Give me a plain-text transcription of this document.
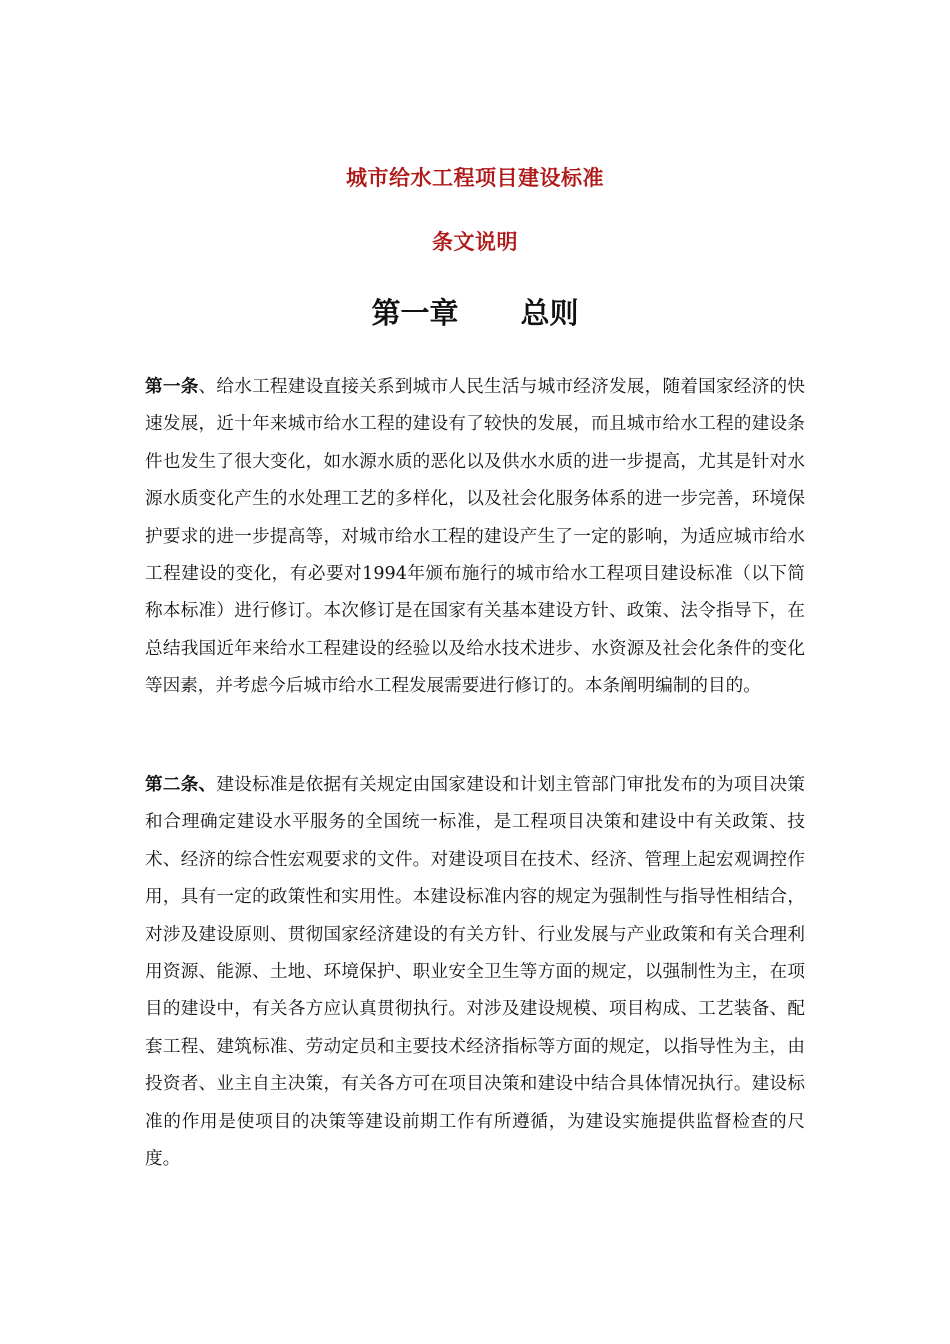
城市给水工程项目建设标准
条文说明
第一章 总则

第一条、给水工程建设直接关系到城市人民生活与城市经济发展，随着国家经济的快速发展，近十年来城市给水工程的建设有了较快的发展，而且城市给水工程的建设条件也发生了很大变化，如水源水质的恶化以及供水水质的进一步提高，尤其是针对水源水质变化产生的水处理工艺的多样化，以及社会化服务体系的进一步完善，环境保护要求的进一步提高等，对城市给水工程的建设产生了一定的影响，为适应城市给水工程建设的变化，有必要对1994年颁布施行的城市给水工程项目建设标准（以下简称本标准）进行修订。本次修订是在国家有关基本建设方针、政策、法令指导下，在总结我国近年来给水工程建设的经验以及给水技术进步、水资源及社会化条件的变化等因素，并考虑今后城市给水工程发展需要进行修订的。本条阐明编制的目的。

第二条、建设标准是依据有关规定由国家建设和计划主管部门审批发布的为项目决策和合理确定建设水平服务的全国统一标准，是工程项目决策和建设中有关政策、技术、经济的综合性宏观要求的文件。对建设项目在技术、经济、管理上起宏观调控作用，具有一定的政策性和实用性。本建设标准内容的规定为强制性与指导性相结合，对涉及建设原则、贯彻国家经济建设的有关方针、行业发展与产业政策和有关合理利用资源、能源、土地、环境保护、职业安全卫生等方面的规定，以强制性为主，在项目的建设中，有关各方应认真贯彻执行。对涉及建设规模、项目构成、工艺装备、配套工程、建筑标准、劳动定员和主要技术经济指标等方面的规定，以指导性为主，由投资者、业主自主决策，有关各方可在项目决策和建设中结合具体情况执行。建设标准的作用是使项目的决策等建设前期工作有所遵循，为建设实施提供监督检查的尺度。
